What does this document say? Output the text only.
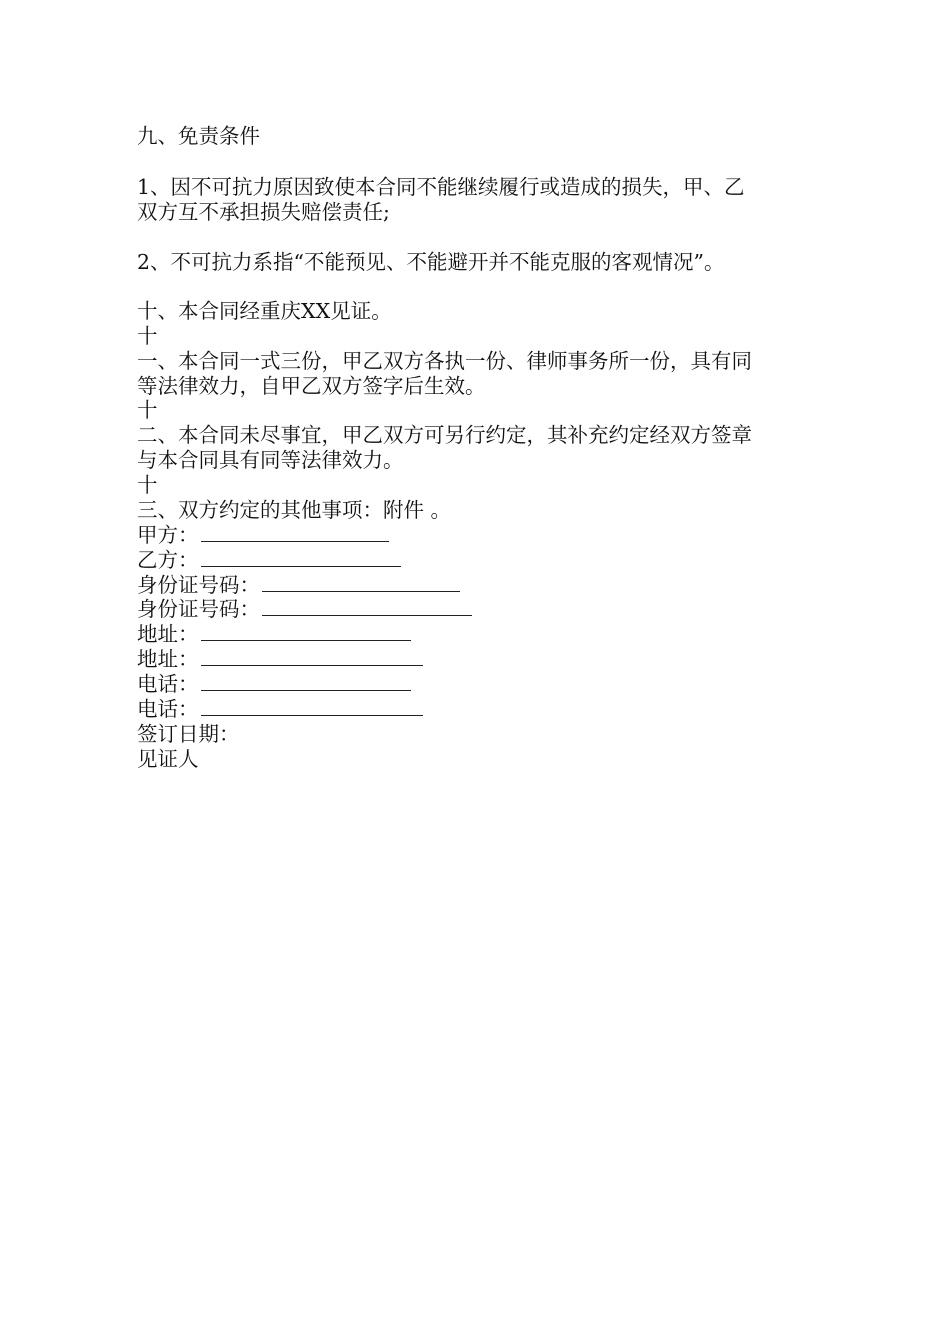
九、免责条件
1、因不可抗力原因致使本合同不能继续履行或造成的损失，甲、乙
双方互不承担损失赔偿责任;
2、不可抗力系指“不能预见、不能避开并不能克服的客观情况”。
十、本合同经重庆XX见证。
十
一、本合同一式三份，甲乙双方各执一份、律师事务所一份，具有同
等法律效力，自甲乙双方签字后生效。
十
二、本合同未尽事宜，甲乙双方可另行约定，其补充约定经双方签章
与本合同具有同等法律效力。
十
三、双方约定的其他事项：附件 。
甲方：
乙方：
身份证号码：
身份证号码：
地址：
地址：
电话：
电话：
签订日期：
见证人
